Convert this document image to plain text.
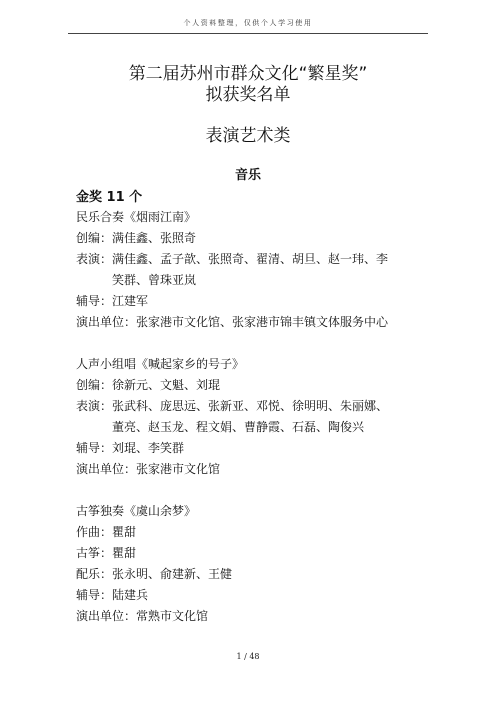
个人资料整理，仅供个人学习使用
第二届苏州市群众文化“繁星奖”
拟获奖名单
表演艺术类
音乐
金奖 11 个
民乐合奏《烟雨江南》
创编：满佳鑫、张照奇
表演：满佳鑫、孟子歆、张照奇、翟清、胡旦、赵一玮、李
笑群、曾珠亚岚
辅导：江建军
演出单位：张家港市文化馆、张家港市锦丰镇文体服务中心
人声小组唱《喊起家乡的号子》
创编：徐新元、文魁、刘琨
表演：张武科、庞思远、张新亚、邓悦、徐明明、朱丽娜、
董亮、赵玉龙、程文娟、曹静霞、石磊、陶俊兴
辅导：刘琨、李笑群
演出单位：张家港市文化馆
古筝独奏《虞山余梦》
作曲：瞿甜
古筝：瞿甜
配乐：张永明、俞建新、王健
辅导：陆建兵
演出单位：常熟市文化馆
1 / 48
